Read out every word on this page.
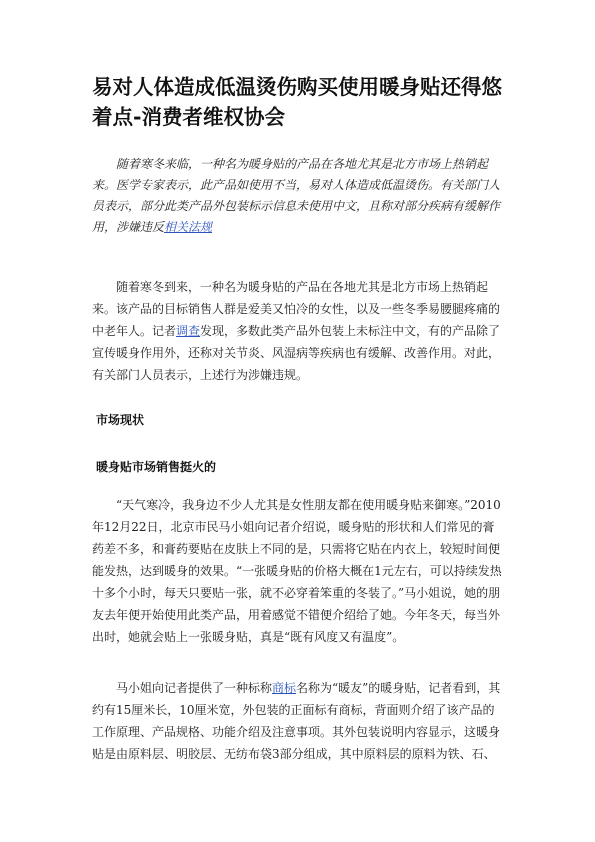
易对人体造成低温烫伤购买使用暖身贴还得悠着点-消费者维权协会

随着寒冬来临，一种名为暖身贴的产品在各地尤其是北方市场上热销起来。医学专家表示，此产品如使用不当，易对人体造成低温烫伤。有关部门人员表示，部分此类产品外包装标示信息未使用中文，且称对部分疾病有缓解作用，涉嫌违反相关法规

随着寒冬到来，一种名为暖身贴的产品在各地尤其是北方市场上热销起来。该产品的目标销售人群是爱美又怕冷的女性，以及一些冬季易腰腿疼痛的中老年人。记者调查发现，多数此类产品外包装上未标注中文，有的产品除了宣传暖身作用外，还称对关节炎、风湿病等疾病也有缓解、改善作用。对此，有关部门人员表示，上述行为涉嫌违规。

市场现状
暖身贴市场销售挺火的

“天气寒冷，我身边不少人尤其是女性朋友都在使用暖身贴来御寒。”2010年12月22日，北京市民马小姐向记者介绍说，暖身贴的形状和人们常见的膏药差不多，和膏药要贴在皮肤上不同的是，只需将它贴在内衣上，较短时间便能发热，达到暖身的效果。“一张暖身贴的价格大概在1元左右，可以持续发热十多个小时，每天只要贴一张，就不必穿着笨重的冬装了。”马小姐说，她的朋友去年便开始使用此类产品，用着感觉不错便介绍给了她。今年冬天，每当外出时，她就会贴上一张暖身贴，真是“既有风度又有温度”。

马小姐向记者提供了一种标称商标名称为“暖友”的暖身贴，记者看到，其约有15厘米长，10厘米宽，外包装的正面标有商标，背面则介绍了该产品的工作原理、产品规格、功能介绍及注意事项。其外包装说明内容显示，这暖身贴是由原料层、明胶层、无纺布袋3部分组成，其中原料层的原料为铁、石、
